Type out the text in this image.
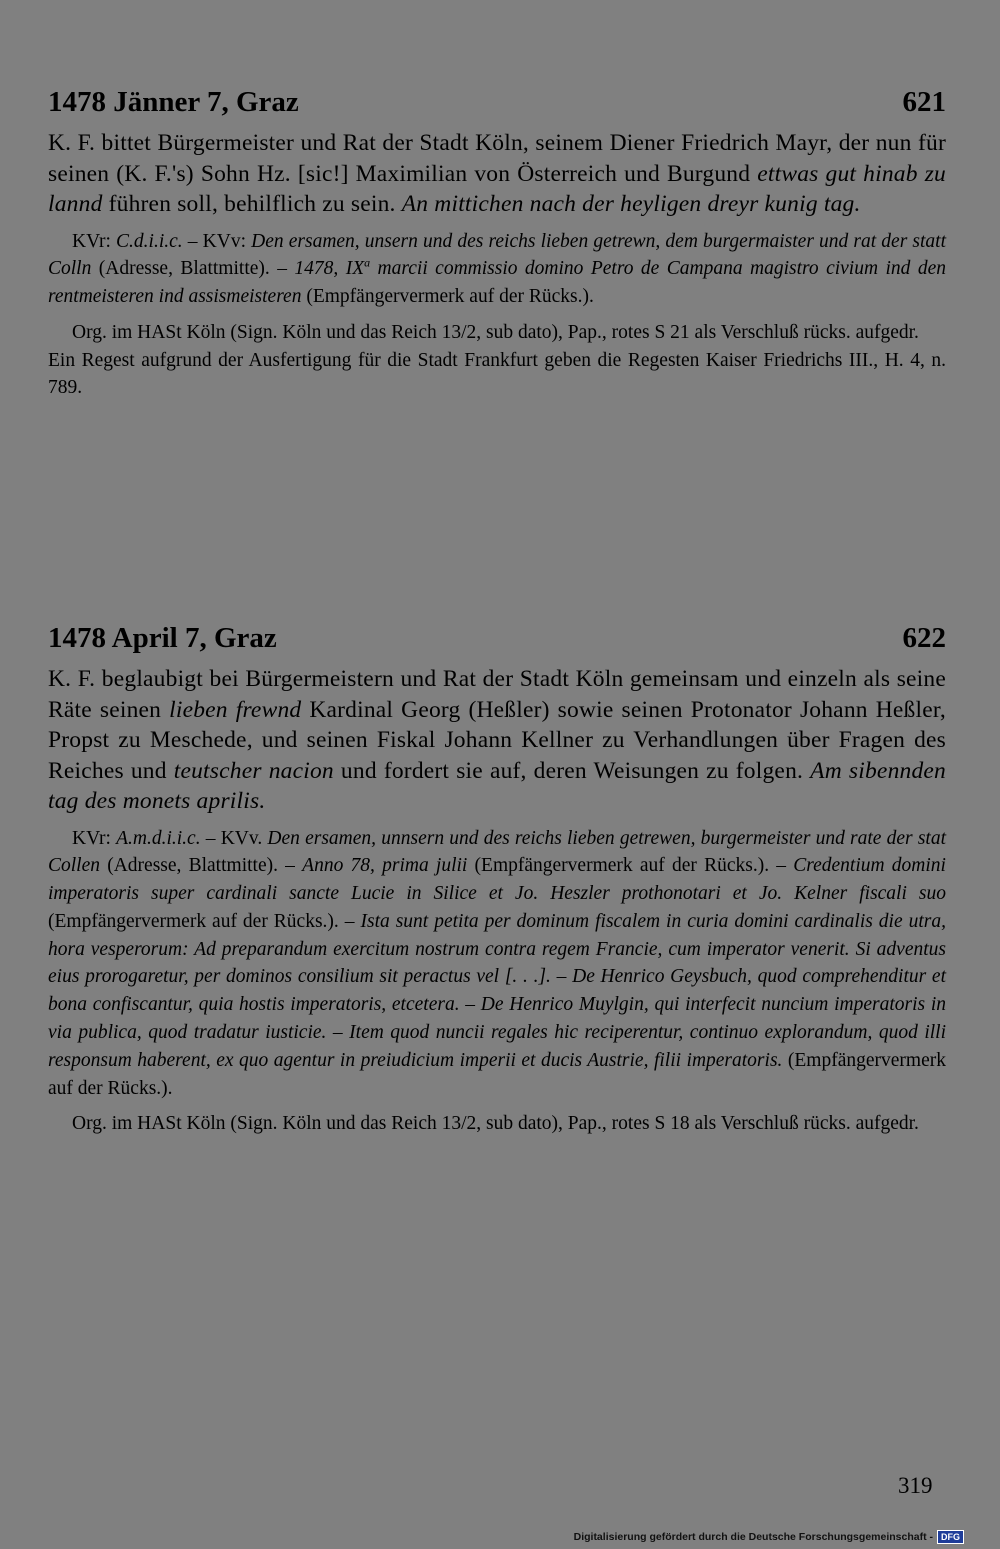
1478 Jänner 7, Graz	621
K. F. bittet Bürgermeister und Rat der Stadt Köln, seinem Diener Friedrich Mayr, der nun für seinen (K. F.'s) Sohn Hz. [sic!] Maximilian von Österreich und Burgund ettwas gut hinab zu lannd führen soll, behilflich zu sein. An mittichen nach der heyligen dreyr kunig tag.
KVr: C.d.i.i.c. – KVv: Den ersamen, unsern und des reichs lieben getrewn, dem burgermaister und rat der statt Colln (Adresse, Blattmitte). – 1478, $IX^a$ marcii commissio domino Petro de Campana magistro civium ind den rentmeisteren ind assismeisteren (Empfängervermerk auf der Rücks.).
Org. im HASt Köln (Sign. Köln und das Reich 13/2, sub dato), Pap., rotes S 21 als Verschluß rücks. aufgedr.
Ein Regest aufgrund der Ausfertigung für die Stadt Frankfurt geben die Regesten Kaiser Friedrichs III., H. 4, n. 789.
1478 April 7, Graz	622
K. F. beglaubigt bei Bürgermeistern und Rat der Stadt Köln gemeinsam und einzeln als seine Räte seinen lieben frewnd Kardinal Georg (Heßler) sowie seinen Protonator Johann Heßler, Propst zu Meschede, und seinen Fiskal Johann Kellner zu Verhandlungen über Fragen des Reiches und teutscher nacion und fordert sie auf, deren Weisungen zu folgen. Am sibennden tag des monets aprilis.
KVr: A.m.d.i.i.c. – KVv. Den ersamen, unnsern und des reichs lieben getrewen, burgermeister und rate der stat Collen (Adresse, Blattmitte). – Anno 78, prima julii (Empfängervermerk auf der Rücks.). – Credentium domini imperatoris super cardinali sancte Lucie in Silice et Jo. Heszler prothonotari et Jo. Kelner fiscali suo (Empfängervermerk auf der Rücks.). – Ista sunt petita per dominum fiscalem in curia domini cardinalis die utra, hora vesperorum: Ad preparandum exercitum nostrum contra regem Francie, cum imperator venerit. Si adventus eius prorogaretur, per dominos consilium sit peractus vel [. . .]. – De Henrico Geysbuch, quod comprehenditur et bona confiscantur, quia hostis imperatoris, etcetera. – De Henrico Muylgin, qui interfecit nuncium imperatoris in via publica, quod tradatur iusticie. – Item quod nuncii regales hic reciperentur, continuo explorandum, quod illi responsum haberent, ex quo agentur in preiudicium imperii et ducis Austrie, filii imperatoris. (Empfängervermerk auf der Rücks.).
Org. im HASt Köln (Sign. Köln und das Reich 13/2, sub dato), Pap., rotes S 18 als Verschluß rücks. aufgedr.
319
Digitalisierung gefördert durch die Deutsche Forschungsgemeinschaft - DFG
